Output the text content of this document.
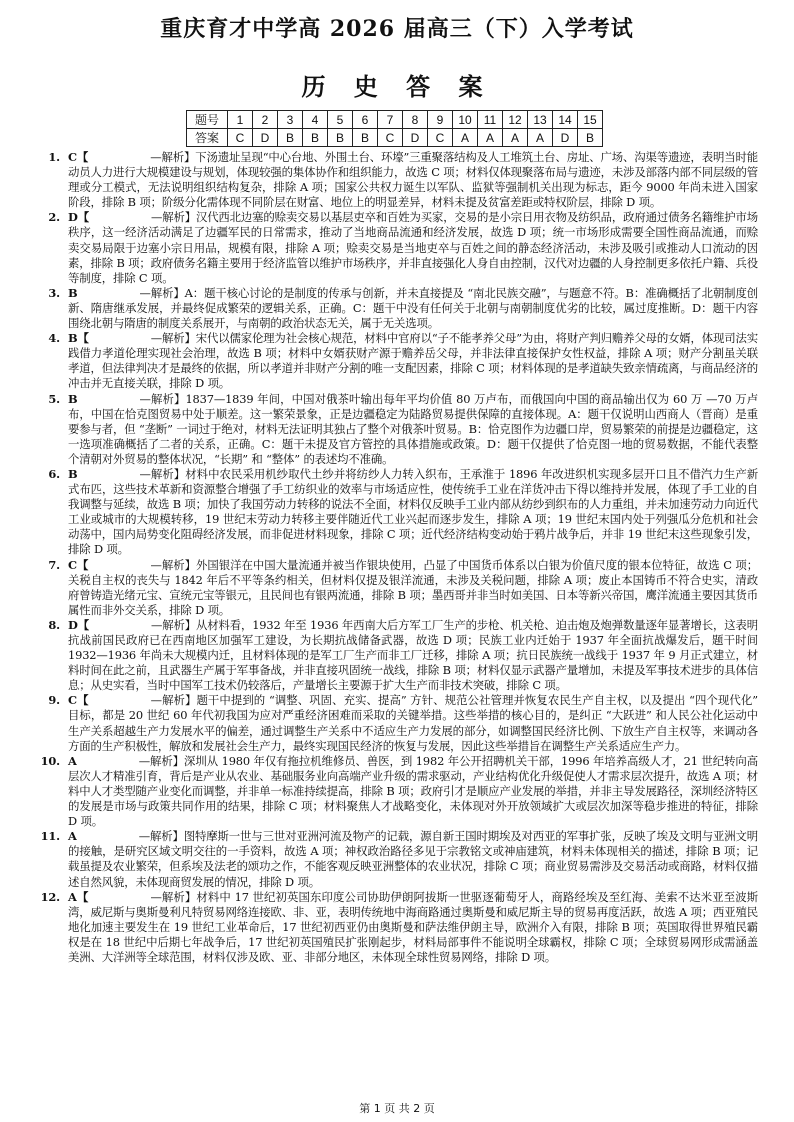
重庆育才中学高 2026 届高三（下）入学考试
历 史 答 案
题号	1	2	3	4	5	6	7	8	9	10	11	12	13	14	15
答案	C	D	B	B	B	B	C	D	C	A	A	A	A	D	B
1. C【	—解析】下汤遗址呈现“中心台地、外围土台、环壕”三重聚落结构及人工堆筑土台、房址、广场、沟渠等遗迹，表明当时能动员人力进行大规模建设与规划，体现较强的集体协作和组织能力，故选 C 项；材料仅体现聚落布局与遗迹，未涉及部落内部不同层级的管理或分工模式，无法说明组织结构复杂，排除 A 项；国家公共权力诞生以军队、监狱等强制机关出现为标志，距今 9000 年尚未进入国家阶段，排除 B 项；阶级分化需体现不同阶层在财富、地位上的明显差异，材料未提及贫富差距或特权阶层，排除 D 项。
2. D【	—解析】汉代西北边塞的赊卖交易以基层吏卒和百姓为买家，交易的是小宗日用衣物及纺织品，政府通过债务名籍维护市场秩序，这一经济活动满足了边疆军民的日常需求，推动了当地商品流通和经济发展，故选 D 项；统一市场形成需要全国性商品流通，而赊卖交易局限于边塞小宗日用品，规模有限，排除 A 项；赊卖交易是当地吏卒与百姓之间的静态经济活动，未涉及吸引或推动人口流动的因素，排除 B 项；政府债务名籍主要用于经济监管以维护市场秩序，并非直接强化人身自由控制，汉代对边疆的人身控制更多依托户籍、兵役等制度，排除 C 项。
3. B	—解析】A：题干核心讨论的是制度的传承与创新，并未直接提及 “南北民族交融”，与题意不符。B：准确概括了北朝制度创新、隋唐继承发展，并最终促成繁荣的逻辑关系，正确。C：题干中没有任何关于北朝与南朝制度优劣的比较，属过度推断。D：题干内容围绕北朝与隋唐的制度关系展开，与南朝的政治状态无关，属于无关选项。
4. B【	—解析】宋代以儒家伦理为社会核心规范，材料中官府以“子不能孝养父母”为由，将财产判归赡养父母的女婿，体现司法实践借力孝道伦理实现社会治理，故选 B 项；材料中女婿获财产源于赡养岳父母，并非法律直接保护女性权益，排除 A 项；财产分割虽关联孝道，但法律判决才是最终的依据，所以孝道并非财产分割的唯一支配因素，排除 C 项；材料体现的是孝道缺失致亲情疏离，与商品经济的冲击并无直接关联，排除 D 项。
5. B	—解析】1837—1839 年间，中国对俄茶叶输出每年平均价值 80 万卢布，而俄国向中国的商品输出仅为 60 万 —70 万卢布，中国在恰克图贸易中处于顺差。这一繁荣景象，正是边疆稳定为陆路贸易提供保障的直接体现。A：题干仅说明山西商人（晋商）是重要参与者，但 “垄断” 一词过于绝对，材料无法证明其独占了整个对俄茶叶贸易。B：恰克图作为边疆口岸，贸易繁荣的前提是边疆稳定，这一选项准确概括了二者的关系，正确。C：题干未提及官方管控的具体措施或政策。D：题干仅提供了恰克图一地的贸易数据，不能代表整个清朝对外贸易的整体状况，“长期” 和 “整体” 的表述均不准确。
6. B	—解析】材料中农民采用机纱取代土纱并将纺纱人力转入织布，王承淮于 1896 年改进织机实现多层开口且不借汽力生产新式布匹，这些技术革新和资源整合增强了手工纺织业的效率与市场适应性，使传统手工业在洋货冲击下得以维持并发展，体现了手工业的自我调整与延续，故选 B 项；加快了我国劳动力转移的说法不全面，材料仅反映手工业内部从纺纱到织布的人力重组，并未加速劳动力向近代工业或城市的大规模转移，19 世纪末劳动力转移主要伴随近代工业兴起而逐步发生，排除 A 项；19 世纪末国内处于列强瓜分危机和社会动荡中，国内局势变化阻碍经济发展，而非促进材料现象，排除 C 项；近代经济结构变动始于鸦片战争后，并非 19 世纪末这些现象引发，排除 D 项。
7. C【	—解析】外国银洋在中国大量流通并被当作银块使用，凸显了中国货币体系以白银为价值尺度的银本位特征，故选 C 项；关税自主权的丧失与 1842 年后不平等条约相关，但材料仅提及银洋流通，未涉及关税问题，排除 A 项；废止本国铸币不符合史实，清政府曾铸造光绪元宝、宣统元宝等银元，且民间也有银两流通，排除 B 项；墨西哥并非当时如美国、日本等新兴帝国，鹰洋流通主要因其货币属性而非外交关系，排除 D 项。
8. D【	—解析】从材料看，1932 年至 1936 年西南大后方军工厂生产的步枪、机关枪、迫击炮及炮弹数量逐年显著增长，这表明抗战前国民政府已在西南地区加强军工建设，为长期抗战储备武器，故选 D 项；民族工业内迁始于 1937 年全面抗战爆发后，题干时间 1932—1936 年尚未大规模内迁，且材料体现的是军工厂生产而非工厂迁移，排除 A 项；抗日民族统一战线于 1937 年 9 月正式建立，材料时间在此之前，且武器生产属于军事备战，并非直接巩固统一战线，排除 B 项；材料仅显示武器产量增加，未提及军事技术进步的具体信息；从史实看，当时中国军工技术仍较落后，产量增长主要源于扩大生产而非技术突破，排除 C 项。
9. C【	—解析】题干中提到的 “调整、巩固、充实、提高” 方针、规范公社管理并恢复农民生产自主权，以及提出 “四个现代化” 目标，都是 20 世纪 60 年代初我国为应对严重经济困难而采取的关键举措。这些举措的核心目的，是纠正 “大跃进” 和人民公社化运动中生产关系超越生产力发展水平的偏差，通过调整生产关系中不适应生产力发展的部分，如调整国民经济比例、下放生产自主权等，来调动各方面的生产积极性，解放和发展社会生产力，最终实现国民经济的恢复与发展，因此这些举措旨在调整生产关系适应生产力。
10. A	—解析】深圳从 1980 年仅有拖拉机维修员、兽医，到 1982 年公开招聘机关干部，1996 年培养高级人才，21 世纪转向高层次人才精准引育，背后是产业从农业、基础服务业向高端产业升级的需求驱动，产业结构优化升级促使人才需求层次提升，故选 A 项；材料中人才类型随产业变化而调整，并非单一标准持续提高，排除 B 项；政府引才是顺应产业发展的举措，并非主导发展路径，深圳经济特区的发展是市场与政策共同作用的结果，排除 C 项；材料聚焦人才战略变化，未体现对外开放领域扩大或层次加深等稳步推进的特征，排除 D 项。
11. A	—解析】图特摩斯一世与三世对亚洲河流及物产的记载，源自新王国时期埃及对西亚的军事扩张，反映了埃及文明与亚洲文明的接触，是研究区域文明交往的一手资料，故选 A 项；神权政治路径多见于宗教铭文或神庙建筑，材料未体现相关的描述，排除 B 项；记载虽提及农业繁荣，但系埃及法老的颂功之作，不能客观反映亚洲整体的农业状况，排除 C 项；商业贸易需涉及交易活动或商路，材料仅描述自然风貌，未体现商贸发展的情况，排除 D 项。
12. A【	—解析】材料中 17 世纪初英国东印度公司协助伊朗阿拔斯一世驱逐葡萄牙人，商路经埃及至红海、美索不达米亚至波斯湾，威尼斯与奥斯曼利凡特贸易网络连接欧、非、亚，表明传统地中海商路通过奥斯曼和威尼斯主导的贸易再度活跃，故选 A 项；西亚殖民地化加速主要发生在 19 世纪工业革命后，17 世纪初西亚仍由奥斯曼和萨法维伊朗主导，欧洲介入有限，排除 B 项；英国取得世界殖民霸权是在 18 世纪中后期七年战争后，17 世纪初英国殖民扩张刚起步，材料局部事件不能说明全球霸权，排除 C 项；全球贸易网形成需涵盖美洲、大洋洲等全球范围，材料仅涉及欧、亚、非部分地区，未体现全球性贸易网络，排除 D 项。
第 1 页 共 2 页
